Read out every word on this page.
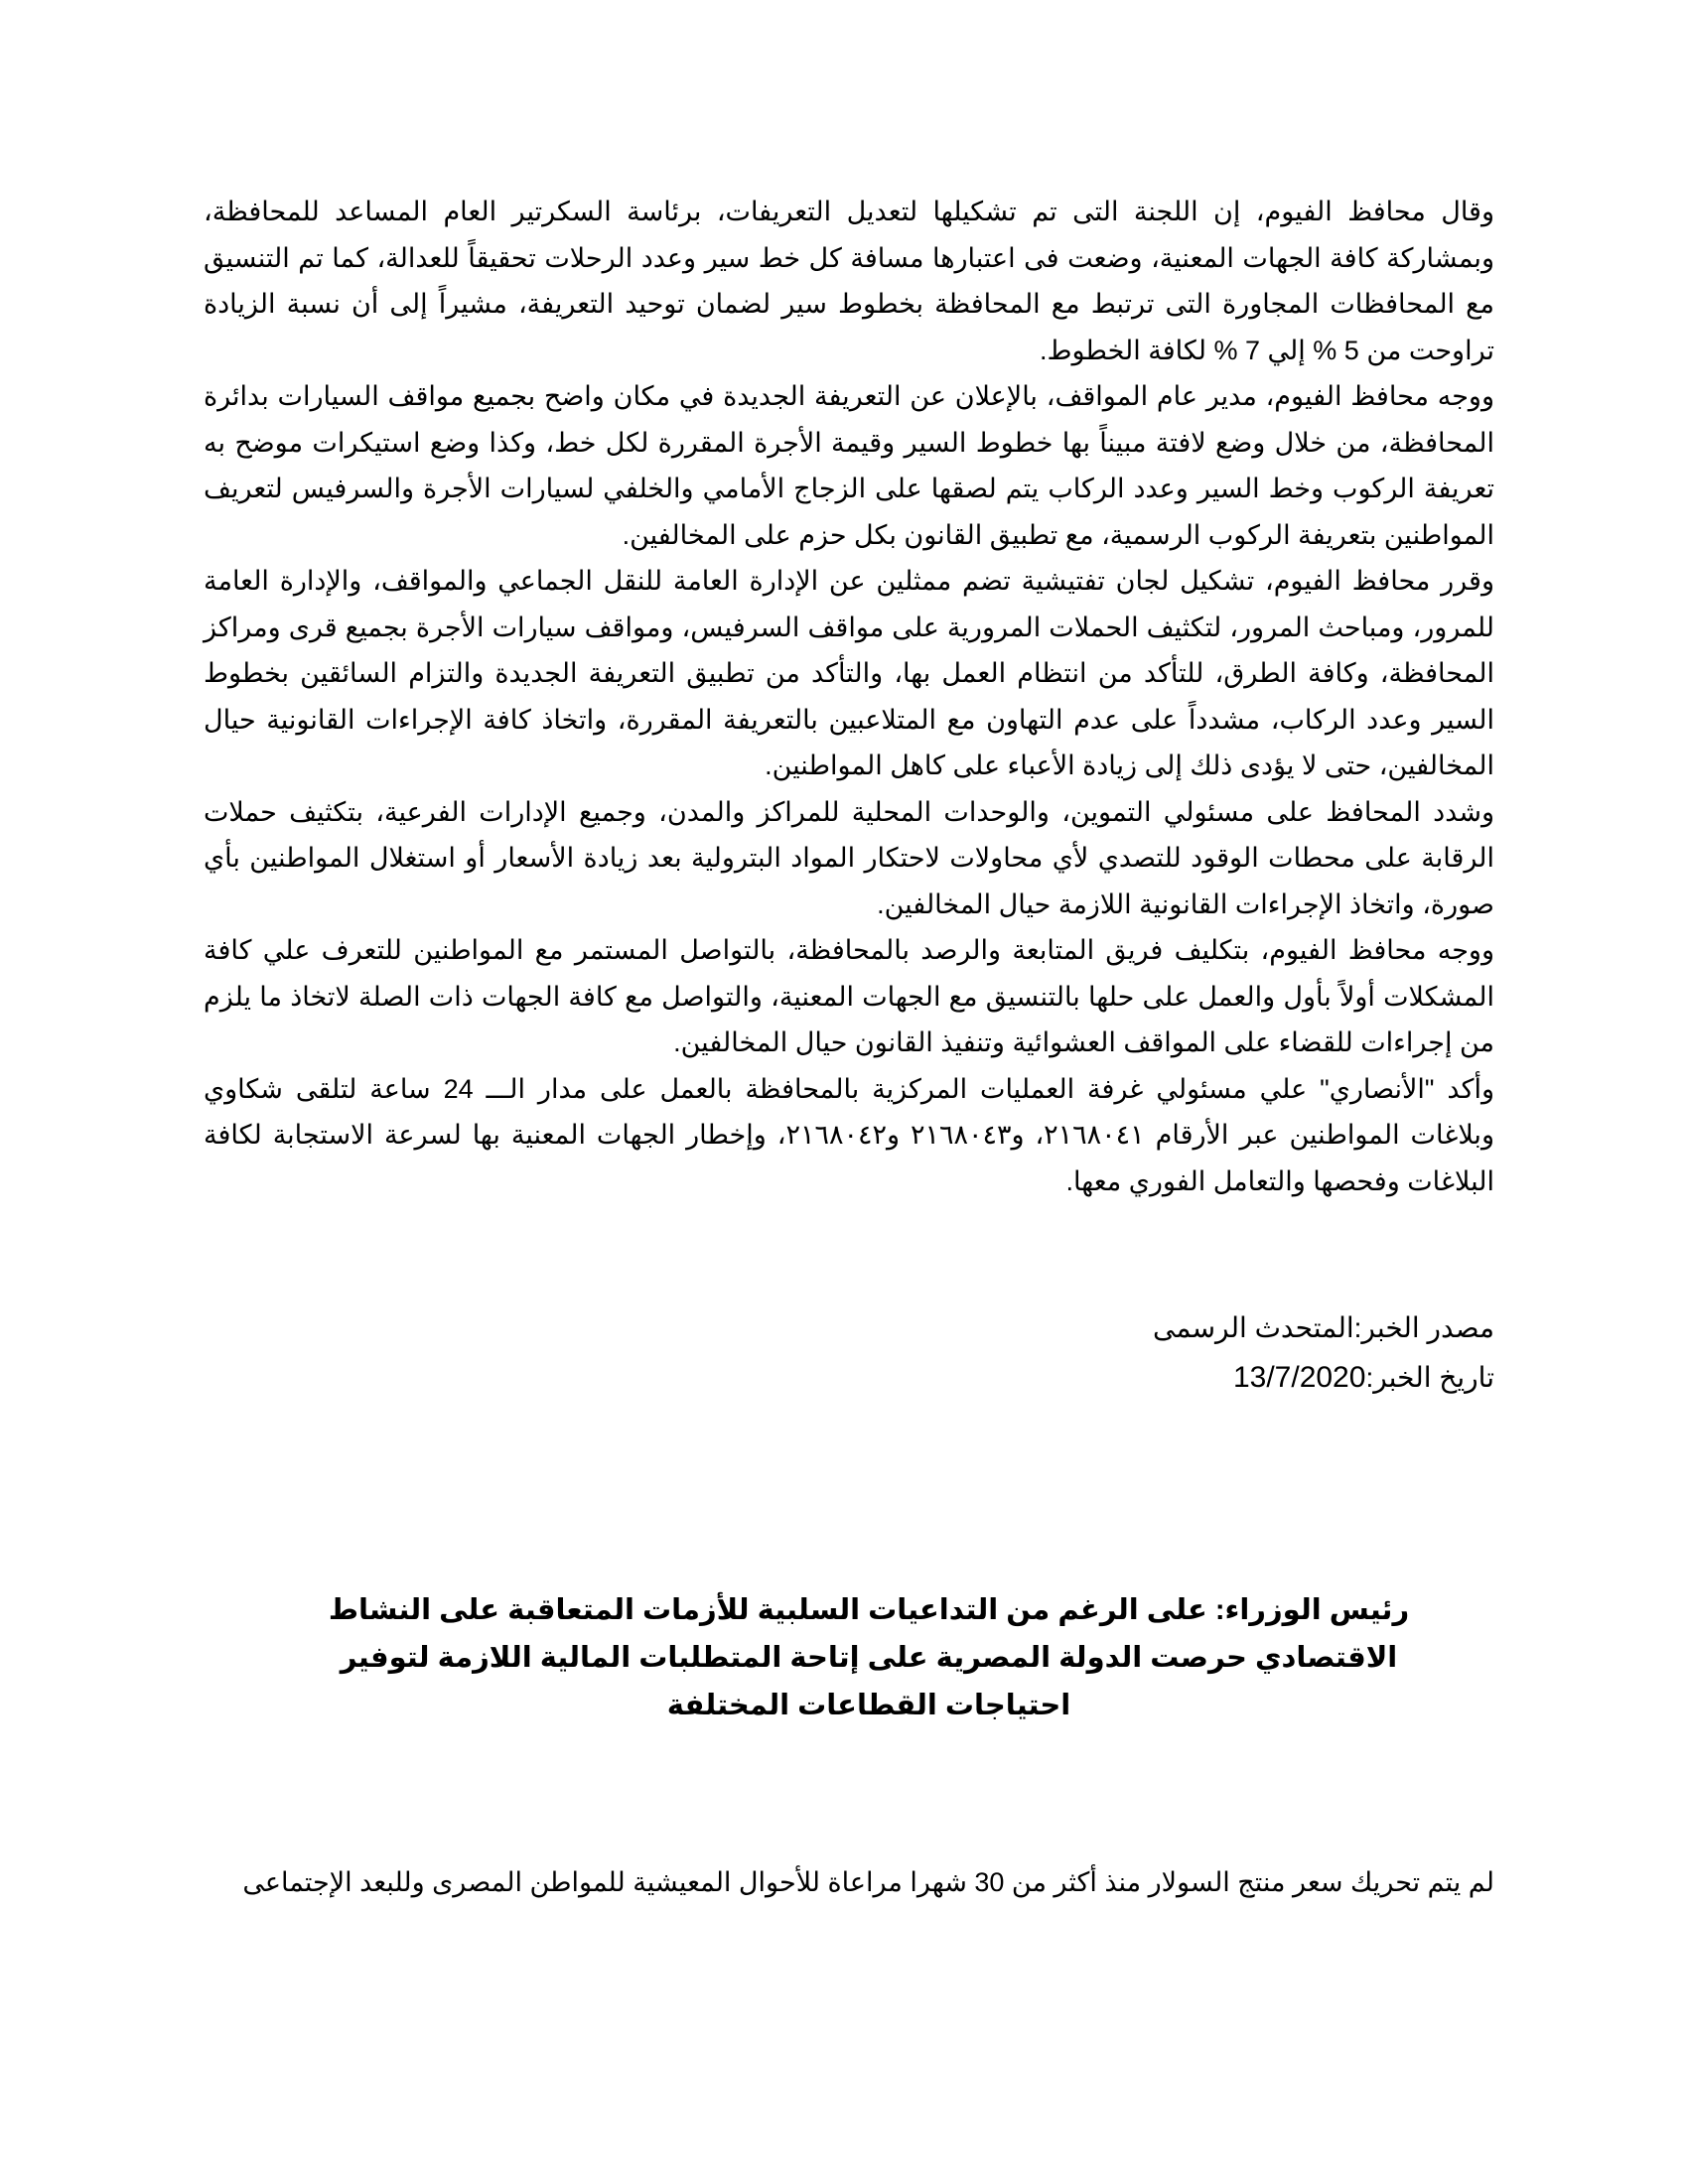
وقال محافظ الفيوم، إن اللجنة التى تم تشكيلها لتعديل التعريفات، برئاسة السكرتير العام المساعد للمحافظة، وبمشاركة كافة الجهات المعنية، وضعت فى اعتبارها مسافة كل خط سير وعدد الرحلات تحقيقاً للعدالة، كما تم التنسيق مع المحافظات المجاورة التى ترتبط مع المحافظة بخطوط سير لضمان توحيد التعريفة، مشيراً إلى أن نسبة الزيادة تراوحت من 5 % إلي 7 % لكافة الخطوط.

ووجه محافظ الفيوم، مدير عام المواقف، بالإعلان عن التعريفة الجديدة في مكان واضح بجميع مواقف السيارات بدائرة المحافظة، من خلال وضع لافتة مبيناً بها خطوط السير وقيمة الأجرة المقررة لكل خط، وكذا وضع استيكرات موضح به تعريفة الركوب وخط السير وعدد الركاب يتم لصقها على الزجاج الأمامي والخلفي لسيارات الأجرة والسرفيس لتعريف المواطنين بتعريفة الركوب الرسمية، مع تطبيق القانون بكل حزم على المخالفين.

وقرر محافظ الفيوم، تشكيل لجان تفتيشية تضم ممثلين عن الإدارة العامة للنقل الجماعي والمواقف، والإدارة العامة للمرور، ومباحث المرور، لتكثيف الحملات المرورية على مواقف السرفيس، ومواقف سيارات الأجرة بجميع قرى ومراكز المحافظة، وكافة الطرق، للتأكد من انتظام العمل بها، والتأكد من تطبيق التعريفة الجديدة والتزام السائقين بخطوط السير وعدد الركاب، مشدداً على عدم التهاون مع المتلاعبين بالتعريفة المقررة، واتخاذ كافة الإجراءات القانونية حيال المخالفين، حتى لا يؤدى ذلك إلى زيادة الأعباء على كاهل المواطنين.

وشدد المحافظ على مسئولي التموين، والوحدات المحلية للمراكز والمدن، وجميع الإدارات الفرعية، بتكثيف حملات الرقابة على محطات الوقود للتصدي لأي محاولات لاحتكار المواد البترولية بعد زيادة الأسعار أو استغلال المواطنين بأي صورة، واتخاذ الإجراءات القانونية اللازمة حيال المخالفين.

ووجه محافظ الفيوم، بتكليف فريق المتابعة والرصد بالمحافظة، بالتواصل المستمر مع المواطنين للتعرف علي كافة المشكلات أولاً بأول والعمل على حلها بالتنسيق مع الجهات المعنية، والتواصل مع كافة الجهات ذات الصلة لاتخاذ ما يلزم من إجراءات للقضاء على المواقف العشوائية وتنفيذ القانون حيال المخالفين.

وأكد "الأنصاري" علي مسئولي غرفة العمليات المركزية بالمحافظة بالعمل على مدار الـــ 24 ساعة لتلقى شكاوي وبلاغات المواطنين عبر الأرقام ٢١٦٨٠٤١، و٢١٦٨٠٤٣ و٢١٦٨٠٤٢، وإخطار الجهات المعنية بها لسرعة الاستجابة لكافة البلاغات وفحصها والتعامل الفوري معها.

مصدر الخبر:المتحدث الرسمى

تاريخ الخبر:13/7/2020

رئيس الوزراء: على الرغم من التداعيات السلبية للأزمات المتعاقبة على النشاط الاقتصادي حرصت الدولة المصرية على إتاحة المتطلبات المالية اللازمة لتوفير احتياجات القطاعات المختلفة

لم يتم تحريك سعر منتج السولار منذ أكثر من 30 شهرا مراعاة للأحوال المعيشية للمواطن المصرى وللبعد الإجتماعى
